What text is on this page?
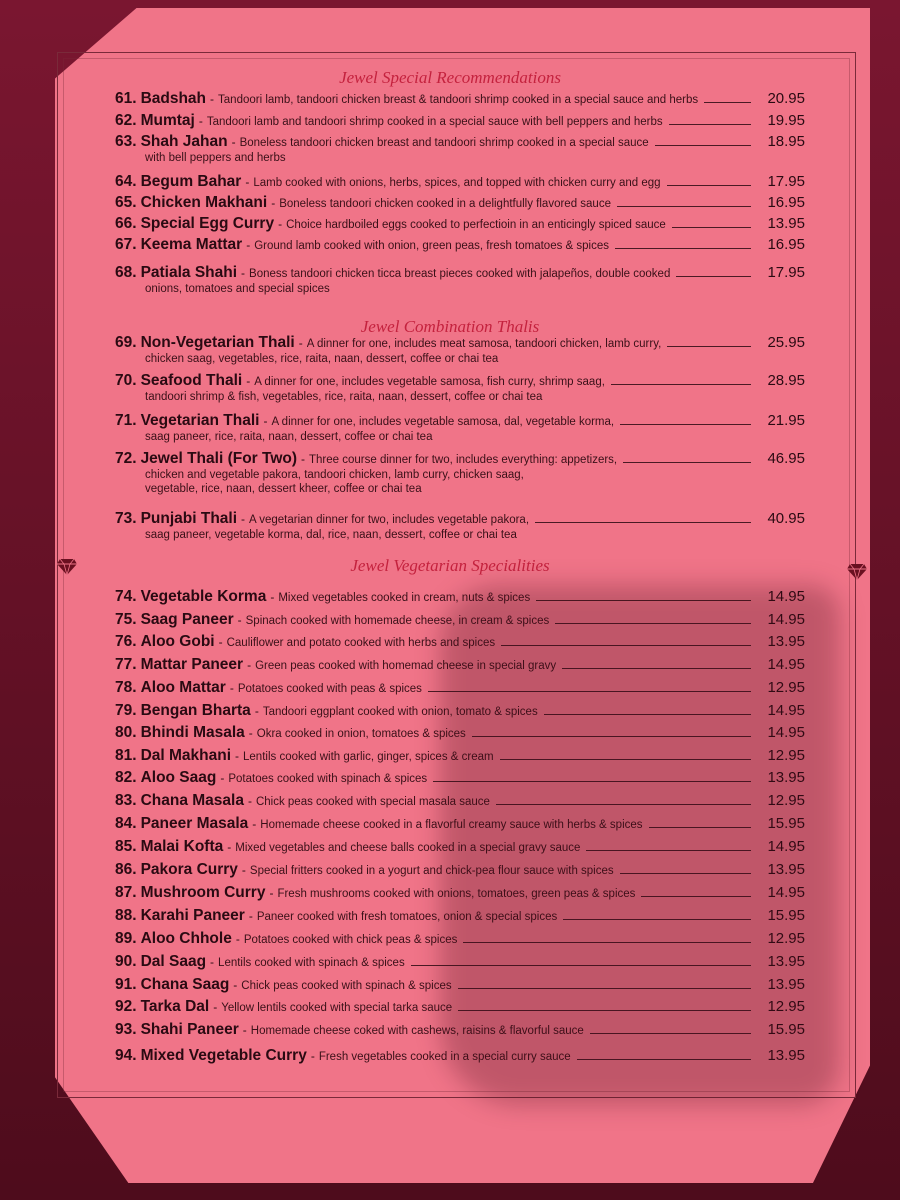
Jewel Special Recommendations
61. Badshah - Tandoori lamb, tandoori chicken breast & tandoori shrimp cooked in a special sauce and herbs	20.95
62. Mumtaj - Tandoori lamb and tandoori shrimp cooked in a special sauce with bell peppers and herbs	19.95
63. Shah Jahan - Boneless tandoori chicken breast and tandoori shrimp cooked in a special sauce	18.95
with bell peppers and herbs
64. Begum Bahar - Lamb cooked with onions, herbs, spices, and topped with chicken curry and egg	17.95
65. Chicken Makhani - Boneless tandoori chicken cooked in a delightfully flavored sauce	16.95
66. Special Egg Curry - Choice hardboiled eggs cooked to perfectioin in an enticingly spiced sauce	13.95
67. Keema Mattar - Ground lamb cooked with onion, green peas, fresh tomatoes & spices	16.95
68. Patiala Shahi - Boness tandoori chicken ticca breast pieces cooked with jalapeños, double cooked	17.95
onions, tomatoes and special spices
Jewel Combination Thalis
69. Non-Vegetarian Thali - A dinner for one, includes meat samosa, tandoori chicken, lamb curry,	25.95
chicken saag, vegetables, rice, raita, naan, dessert, coffee or chai tea
70. Seafood Thali - A dinner for one, includes vegetable samosa, fish curry, shrimp saag,	28.95
tandoori shrimp & fish, vegetables, rice, raita, naan, dessert, coffee or chai tea
71. Vegetarian Thali - A dinner for one, includes vegetable samosa, dal, vegetable korma,	21.95
saag paneer, rice, raita, naan, dessert, coffee or chai tea
72. Jewel Thali (For Two) - Three course dinner for two, includes everything: appetizers,	46.95
chicken and vegetable pakora, tandoori chicken, lamb curry, chicken saag,
vegetable, rice, naan, dessert kheer, coffee or chai tea
73. Punjabi Thali - A vegetarian dinner for two, includes vegetable pakora,	40.95
saag paneer, vegetable korma, dal, rice, naan, dessert, coffee or chai tea
Jewel Vegetarian Specialities
74. Vegetable Korma - Mixed vegetables cooked in cream, nuts & spices	14.95
75. Saag Paneer - Spinach cooked with homemade cheese, in cream & spices	14.95
76. Aloo Gobi - Cauliflower and potato cooked with herbs and spices	13.95
77. Mattar Paneer - Green peas cooked with homemad cheese in special gravy	14.95
78. Aloo Mattar - Potatoes cooked with peas & spices	12.95
79. Bengan Bharta - Tandoori eggplant cooked with onion, tomato & spices	14.95
80. Bhindi Masala - Okra cooked in onion, tomatoes & spices	14.95
81. Dal Makhani - Lentils cooked with garlic, ginger, spices & cream	12.95
82. Aloo Saag - Potatoes cooked with spinach & spices	13.95
83. Chana Masala - Chick peas cooked with special masala sauce	12.95
84. Paneer Masala - Homemade cheese cooked in a flavorful creamy sauce with herbs & spices	15.95
85. Malai Kofta - Mixed vegetables and cheese balls cooked in a special gravy sauce	14.95
86. Pakora Curry - Special fritters cooked in a yogurt and chick-pea flour sauce with spices	13.95
87. Mushroom Curry - Fresh mushrooms cooked with onions, tomatoes, green peas & spices	14.95
88. Karahi Paneer - Paneer cooked with fresh tomatoes, onion & special spices	15.95
89. Aloo Chhole - Potatoes cooked with chick peas & spices	12.95
90. Dal Saag - Lentils cooked with spinach & spices	13.95
91. Chana Saag - Chick peas cooked with spinach & spices	13.95
92. Tarka Dal - Yellow lentils cooked with special tarka sauce	12.95
93. Shahi Paneer - Homemade cheese coked with cashews, raisins & flavorful sauce	15.95
94. Mixed Vegetable Curry - Fresh vegetables cooked in a special curry sauce	13.95
